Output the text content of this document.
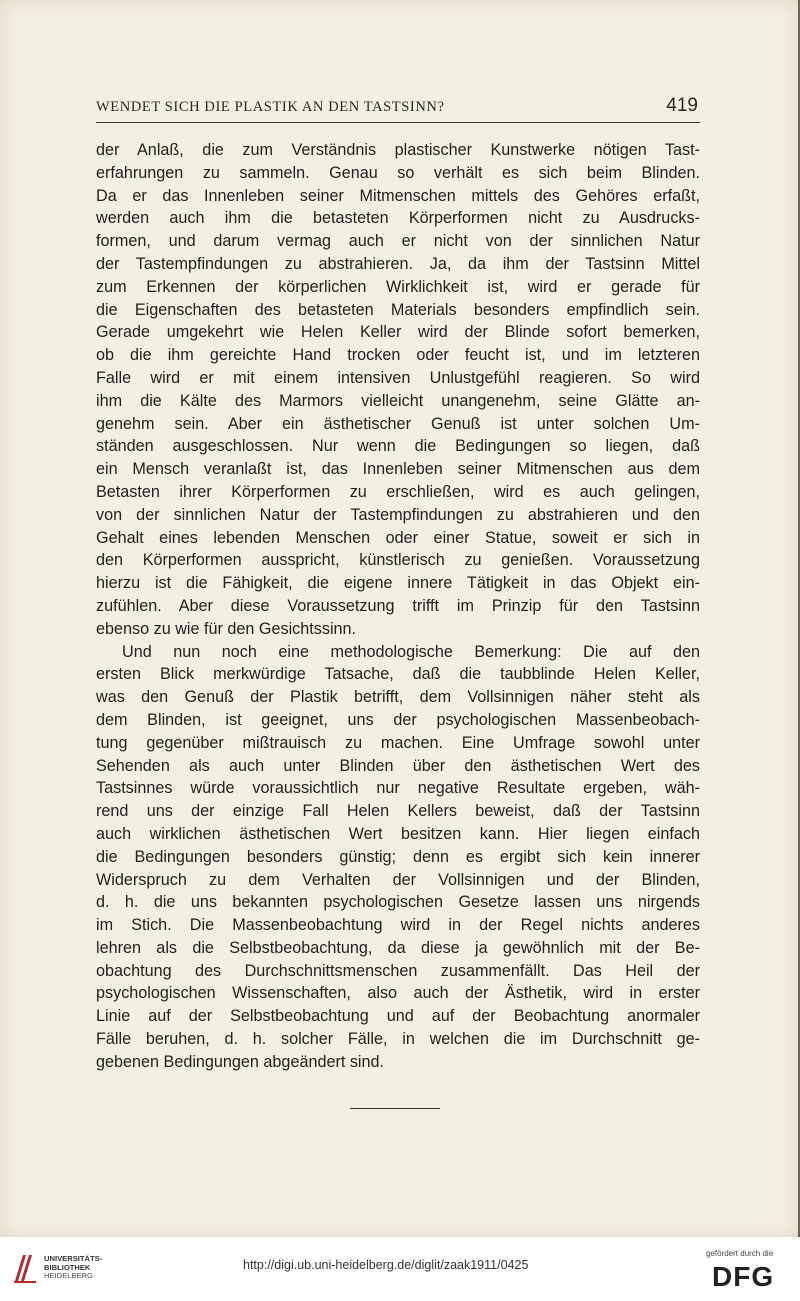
WENDET SICH DIE PLASTIK AN DEN TASTSINN?	419
der Anlaß, die zum Verständnis plastischer Kunstwerke nötigen Tast-
erfahrungen zu sammeln. Genau so verhält es sich beim Blinden.
Da er das Innenleben seiner Mitmenschen mittels des Gehöres erfaßt,
werden auch ihm die betasteten Körperformen nicht zu Ausdrucks-
formen, und darum vermag auch er nicht von der sinnlichen Natur
der Tastempfindungen zu abstrahieren. Ja, da ihm der Tastsinn Mittel
zum Erkennen der körperlichen Wirklichkeit ist, wird er gerade für
die Eigenschaften des betasteten Materials besonders empfindlich sein.
Gerade umgekehrt wie Helen Keller wird der Blinde sofort bemerken,
ob die ihm gereichte Hand trocken oder feucht ist, und im letzteren
Falle wird er mit einem intensiven Unlustgefühl reagieren. So wird
ihm die Kälte des Marmors vielleicht unangenehm, seine Glätte an-
genehm sein. Aber ein ästhetischer Genuß ist unter solchen Um-
ständen ausgeschlossen. Nur wenn die Bedingungen so liegen, daß
ein Mensch veranlaßt ist, das Innenleben seiner Mitmenschen aus dem
Betasten ihrer Körperformen zu erschließen, wird es auch gelingen,
von der sinnlichen Natur der Tastempfindungen zu abstrahieren und den
Gehalt eines lebenden Menschen oder einer Statue, soweit er sich in
den Körperformen ausspricht, künstlerisch zu genießen. Voraussetzung
hierzu ist die Fähigkeit, die eigene innere Tätigkeit in das Objekt ein-
zufühlen. Aber diese Voraussetzung trifft im Prinzip für den Tastsinn
ebenso zu wie für den Gesichtssinn.
Und nun noch eine methodologische Bemerkung: Die auf den
ersten Blick merkwürdige Tatsache, daß die taubblinde Helen Keller,
was den Genuß der Plastik betrifft, dem Vollsinnigen näher steht als
dem Blinden, ist geeignet, uns der psychologischen Massenbeobach-
tung gegenüber mißtrauisch zu machen. Eine Umfrage sowohl unter
Sehenden als auch unter Blinden über den ästhetischen Wert des
Tastsinnes würde voraussichtlich nur negative Resultate ergeben, wäh-
rend uns der einzige Fall Helen Kellers beweist, daß der Tastsinn
auch wirklichen ästhetischen Wert besitzen kann. Hier liegen einfach
die Bedingungen besonders günstig; denn es ergibt sich kein innerer
Widerspruch zu dem Verhalten der Vollsinnigen und der Blinden,
d. h. die uns bekannten psychologischen Gesetze lassen uns nirgends
im Stich. Die Massenbeobachtung wird in der Regel nichts anderes
lehren als die Selbstbeobachtung, da diese ja gewöhnlich mit der Be-
obachtung des Durchschnittsmenschen zusammenfällt. Das Heil der
psychologischen Wissenschaften, also auch der Ästhetik, wird in erster
Linie auf der Selbstbeobachtung und auf der Beobachtung anormaler
Fälle beruhen, d. h. solcher Fälle, in welchen die im Durchschnitt ge-
gebenen Bedingungen abgeändert sind.
UNIVERSITÄTS-
BIBLIOTHEK
HEIDELBERG
http://digi.ub.uni-heidelberg.de/diglit/zaak1911/0425
gefördert durch die
DFG
